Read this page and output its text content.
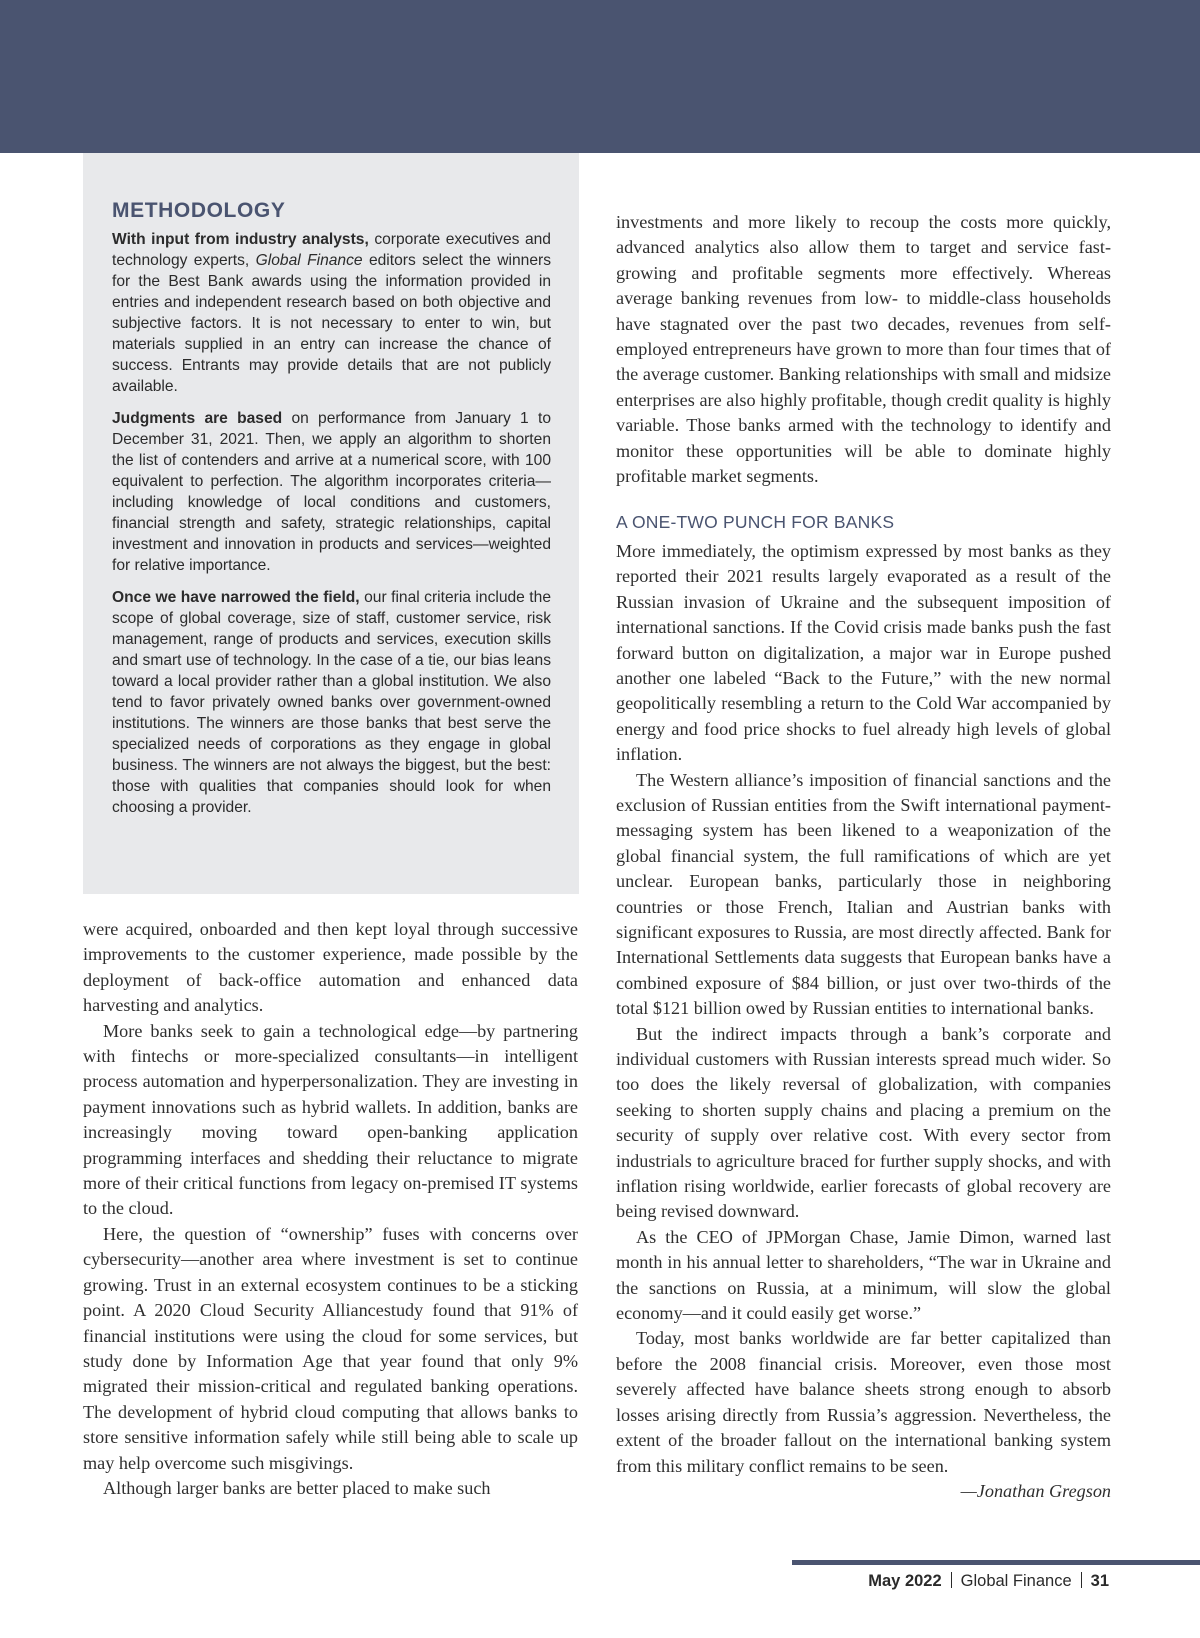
METHODOLOGY

With input from industry analysts, corporate executives and technology experts, Global Finance editors select the winners for the Best Bank awards using the information provided in entries and independent research based on both objective and subjective factors. It is not necessary to enter to win, but materials supplied in an entry can increase the chance of success. Entrants may provide details that are not publicly available.

Judgments are based on performance from January 1 to December 31, 2021. Then, we apply an algorithm to shorten the list of contenders and arrive at a numerical score, with 100 equivalent to perfection. The algorithm incorporates criteria—including knowledge of local conditions and customers, financial strength and safety, strategic relationships, capital investment and innovation in products and services—weighted for relative importance.

Once we have narrowed the field, our final criteria include the scope of global coverage, size of staff, customer service, risk management, range of products and services, execution skills and smart use of technology. In the case of a tie, our bias leans toward a local provider rather than a global institution. We also tend to favor privately owned banks over government-owned institutions. The winners are those banks that best serve the specialized needs of corporations as they engage in global business. The winners are not always the biggest, but the best: those with qualities that companies should look for when choosing a provider.

were acquired, onboarded and then kept loyal through successive improvements to the customer experience, made possible by the deployment of back-office automation and enhanced data harvesting and analytics.

More banks seek to gain a technological edge—by partnering with fintechs or more-specialized consultants—in intelligent process automation and hyperpersonalization. They are investing in payment innovations such as hybrid wallets. In addition, banks are increasingly moving toward open-banking application programming interfaces and shedding their reluctance to migrate more of their critical functions from legacy on-premised IT systems to the cloud.

Here, the question of “ownership” fuses with concerns over cybersecurity—another area where investment is set to continue growing. Trust in an external ecosystem continues to be a sticking point. A 2020 Cloud Security Alliancestudy found that 91% of financial institutions were using the cloud for some services, but study done by Information Age that year found that only 9% migrated their mission-critical and regulated banking operations. The development of hybrid cloud computing that allows banks to store sensitive information safely while still being able to scale up may help overcome such misgivings.

Although larger banks are better placed to make such

investments and more likely to recoup the costs more quickly, advanced analytics also allow them to target and service fast-growing and profitable segments more effectively. Whereas average banking revenues from low- to middle-class households have stagnated over the past two decades, revenues from self-employed entrepreneurs have grown to more than four times that of the average customer. Banking relationships with small and midsize enterprises are also highly profitable, though credit quality is highly variable. Those banks armed with the technology to identify and monitor these opportunities will be able to dominate highly profitable market segments.

A ONE-TWO PUNCH FOR BANKS

More immediately, the optimism expressed by most banks as they reported their 2021 results largely evaporated as a result of the Russian invasion of Ukraine and the subsequent imposition of international sanctions. If the Covid crisis made banks push the fast forward button on digitalization, a major war in Europe pushed another one labeled “Back to the Future,” with the new normal geopolitically resembling a return to the Cold War accompanied by energy and food price shocks to fuel already high levels of global inflation.

The Western alliance’s imposition of financial sanctions and the exclusion of Russian entities from the Swift international payment-messaging system has been likened to a weaponization of the global financial system, the full ramifications of which are yet unclear. European banks, particularly those in neighboring countries or those French, Italian and Austrian banks with significant exposures to Russia, are most directly affected. Bank for International Settlements data suggests that European banks have a combined exposure of $84 billion, or just over two-thirds of the total $121 billion owed by Russian entities to international banks.

But the indirect impacts through a bank’s corporate and individual customers with Russian interests spread much wider. So too does the likely reversal of globalization, with companies seeking to shorten supply chains and placing a premium on the security of supply over relative cost. With every sector from industrials to agriculture braced for further supply shocks, and with inflation rising worldwide, earlier forecasts of global recovery are being revised downward.

As the CEO of JPMorgan Chase, Jamie Dimon, warned last month in his annual letter to shareholders, “The war in Ukraine and the sanctions on Russia, at a minimum, will slow the global economy—and it could easily get worse.”

Today, most banks worldwide are far better capitalized than before the 2008 financial crisis. Moreover, even those most severely affected have balance sheets strong enough to absorb losses arising directly from Russia’s aggression. Nevertheless, the extent of the broader fallout on the international banking system from this military conflict remains to be seen.

—Jonathan Gregson

May 2022 Global Finance 31
